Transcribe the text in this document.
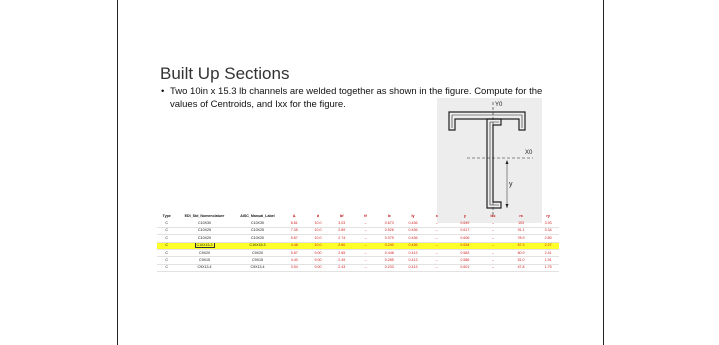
Built Up Sections
• Two 10in x 15.3 lb channels are welded together as shown in the figure. Compute for the values of Centroids, and Ixx for the figure.	Y0
X0
y
Type	EDI_Std_Nomenclature	AISC_Manual_Label	A	d	bf	tf	Ix	Iy	x	y	lxc	rx	ry
C	C10X30	C10X30	8.81	10.0	3.03	–	0.673	0.436	–	0.649	–	103	3.93
C	C10X25	C10X25	7.35	10.0	2.89	–	0.526	0.436	–	0.617	–	91.1	3.34
C	C10X20	C10X20	5.87	10.0	2.74	–	0.379	0.436	–	0.606	–	78.9	2.80
C	C10X15.3	C10X15.3	4.48	10.0	2.60	–	0.240	0.436	–	0.634	–	67.3	2.27
C	C9X20	C9X20	5.87	9.00	2.65	–	0.448	0.413	–	0.583	–	60.9	2.41
C	C9X15	C9X15	4.40	9.00	2.49	–	0.285	0.413	–	0.586	–	51.0	1.91
C	C9X13.4	C9X13.4	3.94	9.00	2.43	–	0.233	0.413	–	0.601	–	47.8	1.75
